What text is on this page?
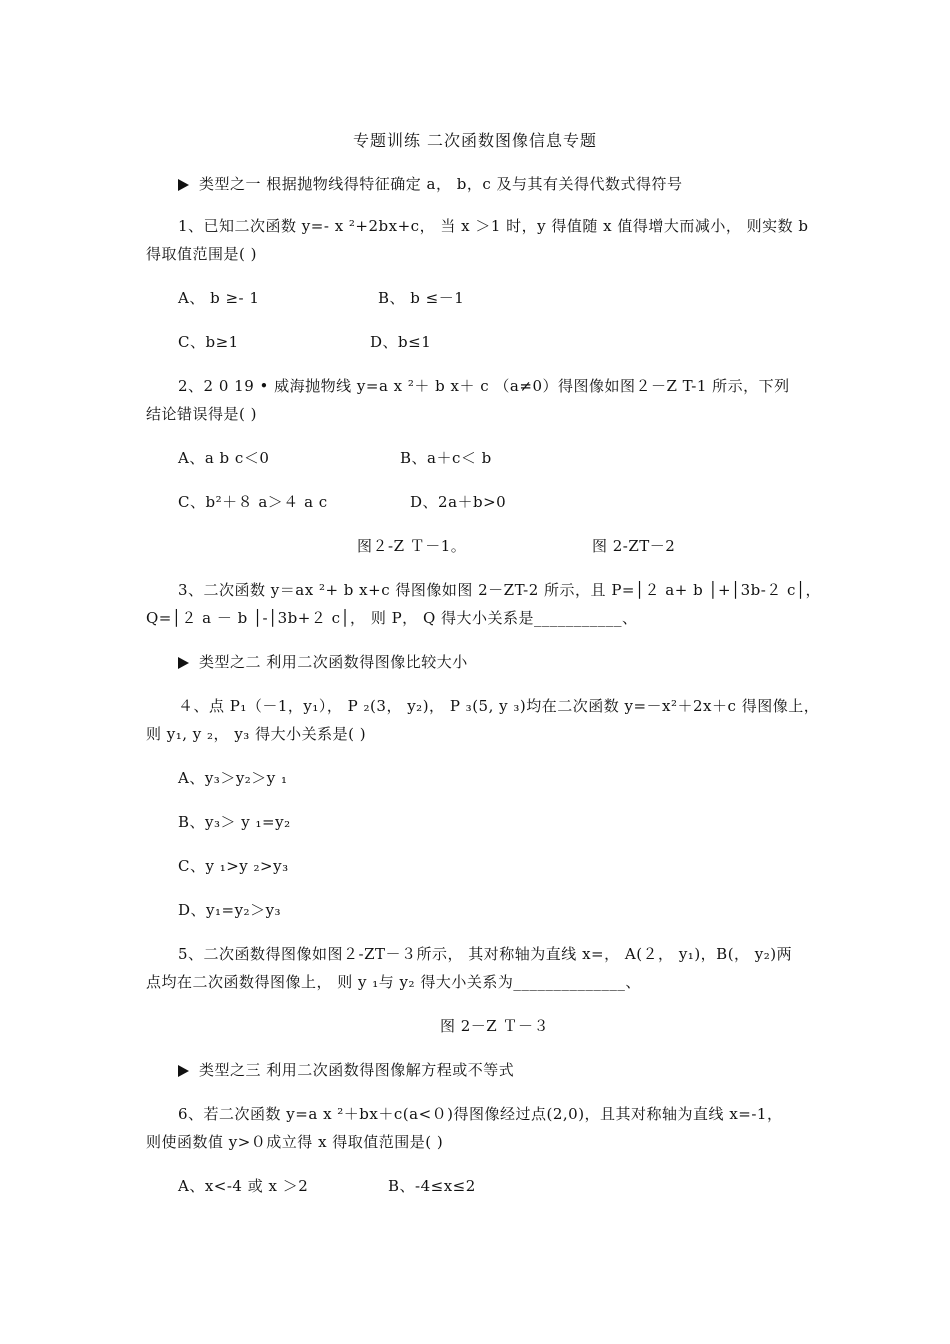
专题训练 二次函数图像信息专题
类型之一 根据抛物线得特征确定 a， b，c 及与其有关得代数式得符号
1、已知二次函数 y=- x ²+2bx+c， 当 x ＞1 时，y 得值随 x 值得增大而减小， 则实数 b
得取值范围是( )
A、 b ≥- 1	B、 b ≤－1
C、b≥1	D、b≤1
2、2 0 19 • 威海抛物线 y=a x ²＋ b x＋ c （a≠0）得图像如图２－Z T-1 所示，下列
结论错误得是( )
A、a b c＜0	B、a＋c＜ b
C、b²＋８ a＞４ a c	D、2a＋b>0
图２-Z Ｔ－1。	图 2-ZT－2
3、二次函数 y＝ax ²+ b x+c 得图像如图 2－ZT-2 所示，且 P=│２ a+ b │+│3b-２ c│，
Q=│２ a － b │-│3b+２ c│， 则 P， Q 得大小关系是___________、
类型之二 利用二次函数得图像比较大小
４、点 P₁（－1，y₁）， P ₂(3， y₂)， P ₃(5, y ₃)均在二次函数 y=－x²＋2x＋c 得图像上，
则 y₁, y ₂， y₃ 得大小关系是( )
A、y₃＞y₂＞y ₁
B、y₃＞ y ₁=y₂
C、y ₁>y ₂>y₃
D、y₁=y₂＞y₃
5、二次函数得图像如图２-ZT－３所示， 其对称轴为直线 x=， A(２， y₁)，B(， y₂)两
点均在二次函数得图像上， 则 y ₁与 y₂ 得大小关系为______________、
图 2－Z Ｔ－３
类型之三 利用二次函数得图像解方程或不等式
6、若二次函数 y=a x ²＋bx＋c(a<０)得图像经过点(2,0)，且其对称轴为直线 x=-1，
则使函数值 y>０成立得 x 得取值范围是( )
A、x<-4 或 x ＞2	B、-4≤x≤2
